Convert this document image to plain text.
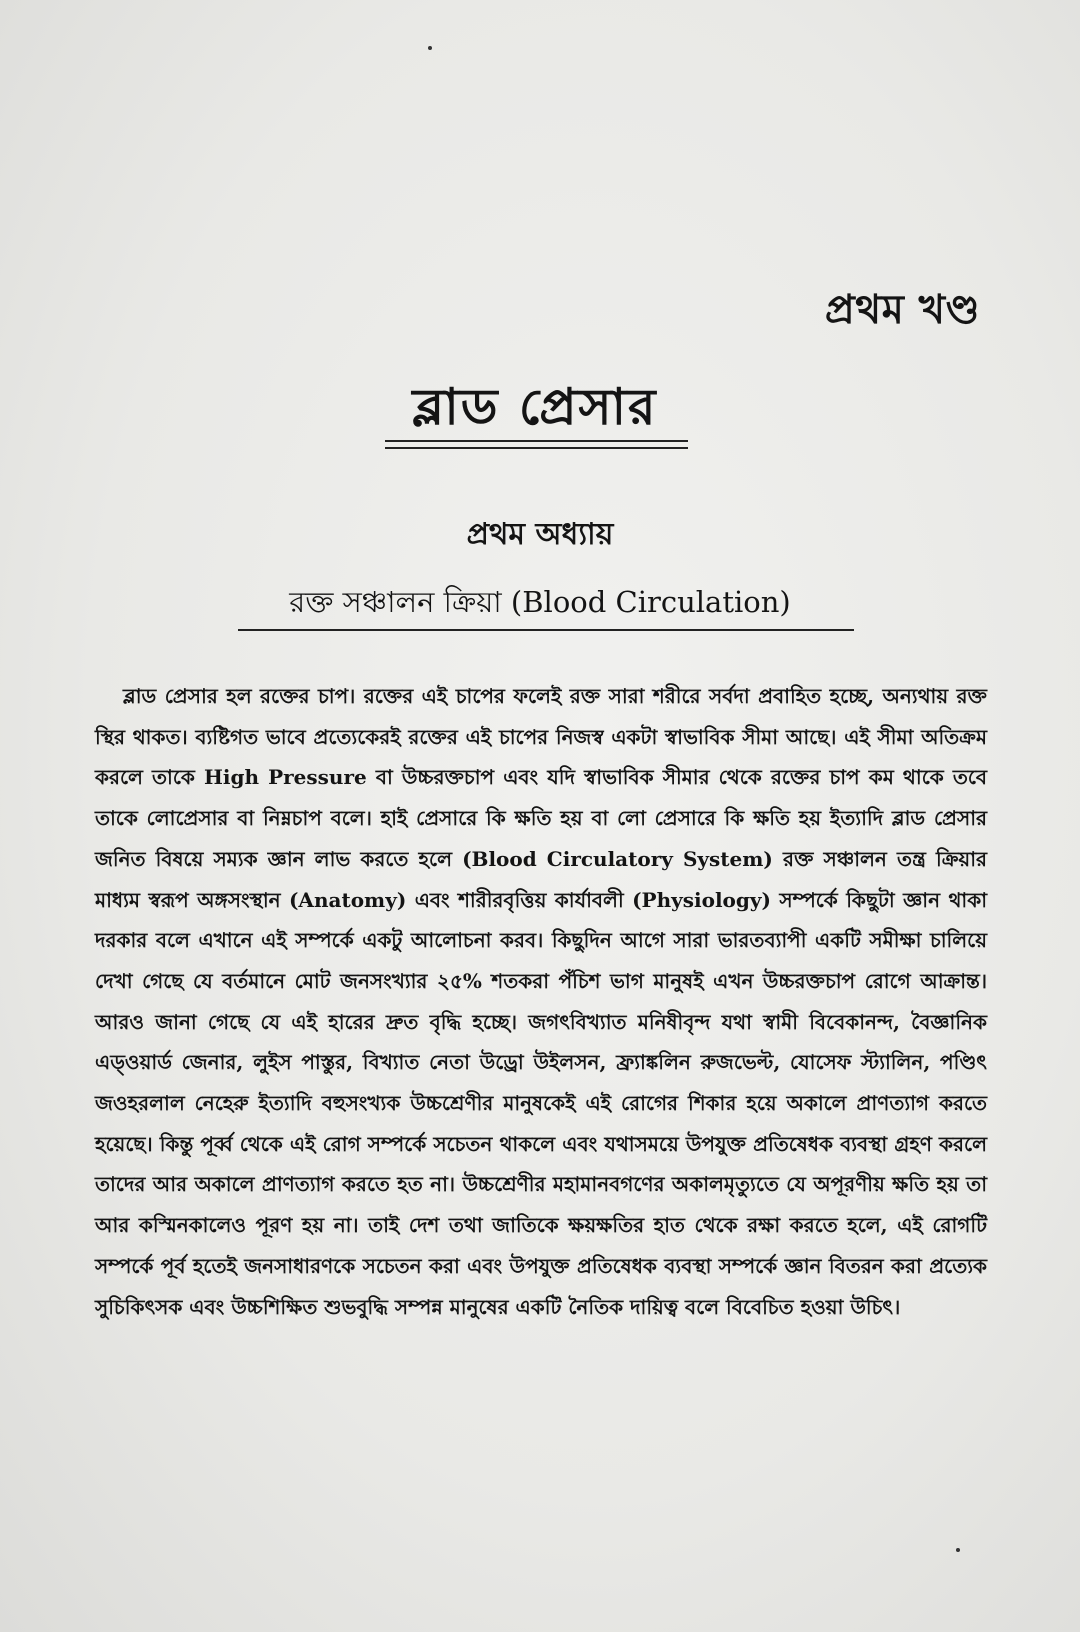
প্রথম খণ্ড
ব্লাড প্রেসার
প্রথম অধ্যায়
রক্ত সঞ্চালন ক্রিয়া (Blood Circulation)

ব্লাড প্রেসার হল রক্তের চাপ। রক্তের এই চাপের ফলেই রক্ত সারা শরীরে সর্বদা প্রবাহিত হচ্ছে, অন্যথায় রক্ত স্থির থাকত। ব্যষ্টিগত ভাবে প্রত্যেকেরই রক্তের এই চাপের নিজস্ব একটা স্বাভাবিক সীমা আছে। এই সীমা অতিক্রম করলে তাকে High Pressure বা উচ্চরক্তচাপ এবং যদি স্বাভাবিক সীমার থেকে রক্তের চাপ কম থাকে তবে তাকে লোপ্রেসার বা নিম্নচাপ বলে। হাই প্রেসারে কি ক্ষতি হয় বা লো প্রেসারে কি ক্ষতি হয় ইত্যাদি ব্লাড প্রেসার জনিত বিষয়ে সম্যক জ্ঞান লাভ করতে হলে (Blood Circulatory System) রক্ত সঞ্চালন তন্ত্র ক্রিয়ার মাধ্যম স্বরূপ অঙ্গসংস্থান (Anatomy) এবং শারীরবৃত্তিয় কার্যাবলী (Physiology) সম্পর্কে কিছুটা জ্ঞান থাকা দরকার বলে এখানে এই সম্পর্কে একটু আলোচনা করব। কিছুদিন আগে সারা ভারতব্যাপী একটি সমীক্ষা চালিয়ে দেখা গেছে যে বর্তমানে মোট জনসংখ্যার ২৫% শতকরা পঁচিশ ভাগ মানুষই এখন উচ্চরক্তচাপ রোগে আক্রান্ত। আরও জানা গেছে যে এই হারের দ্রুত বৃদ্ধি হচ্ছে। জগৎবিখ্যাত মনিষীবৃন্দ যথা স্বামী বিবেকানন্দ, বৈজ্ঞানিক এড্‌ওয়ার্ড জেনার, লুইস পাস্তুর, বিখ্যাত নেতা উড্রো উইলসন, ফ্র্যাঙ্কলিন রুজভেল্ট, যোসেফ স্ট্যালিন, পণ্ডিৎ জওহরলাল নেহেরু ইত্যাদি বহুসংখ্যক উচ্চশ্রেণীর মানুষকেই এই রোগের শিকার হয়ে অকালে প্রাণত্যাগ করতে হয়েছে। কিন্তু পূর্ব্ব থেকে এই রোগ সম্পর্কে সচেতন থাকলে এবং যথাসময়ে উপযুক্ত প্রতিষেধক ব্যবস্থা গ্রহণ করলে তাদের আর অকালে প্রাণত্যাগ করতে হত না। উচ্চশ্রেণীর মহামানবগণের অকালমৃত্যুতে যে অপূরণীয় ক্ষতি হয় তা আর কস্মিনকালেও পূরণ হয় না। তাই দেশ তথা জাতিকে ক্ষয়ক্ষতির হাত থেকে রক্ষা করতে হলে, এই রোগটি সম্পর্কে পূর্ব হতেই জনসাধারণকে সচেতন করা এবং উপযুক্ত প্রতিষেধক ব্যবস্থা সম্পর্কে জ্ঞান বিতরন করা প্রত্যেক সুচিকিৎসক এবং উচ্চশিক্ষিত শুভবুদ্ধি সম্পন্ন মানুষের একটি নৈতিক দায়িত্ব বলে বিবেচিত হওয়া উচিৎ।
